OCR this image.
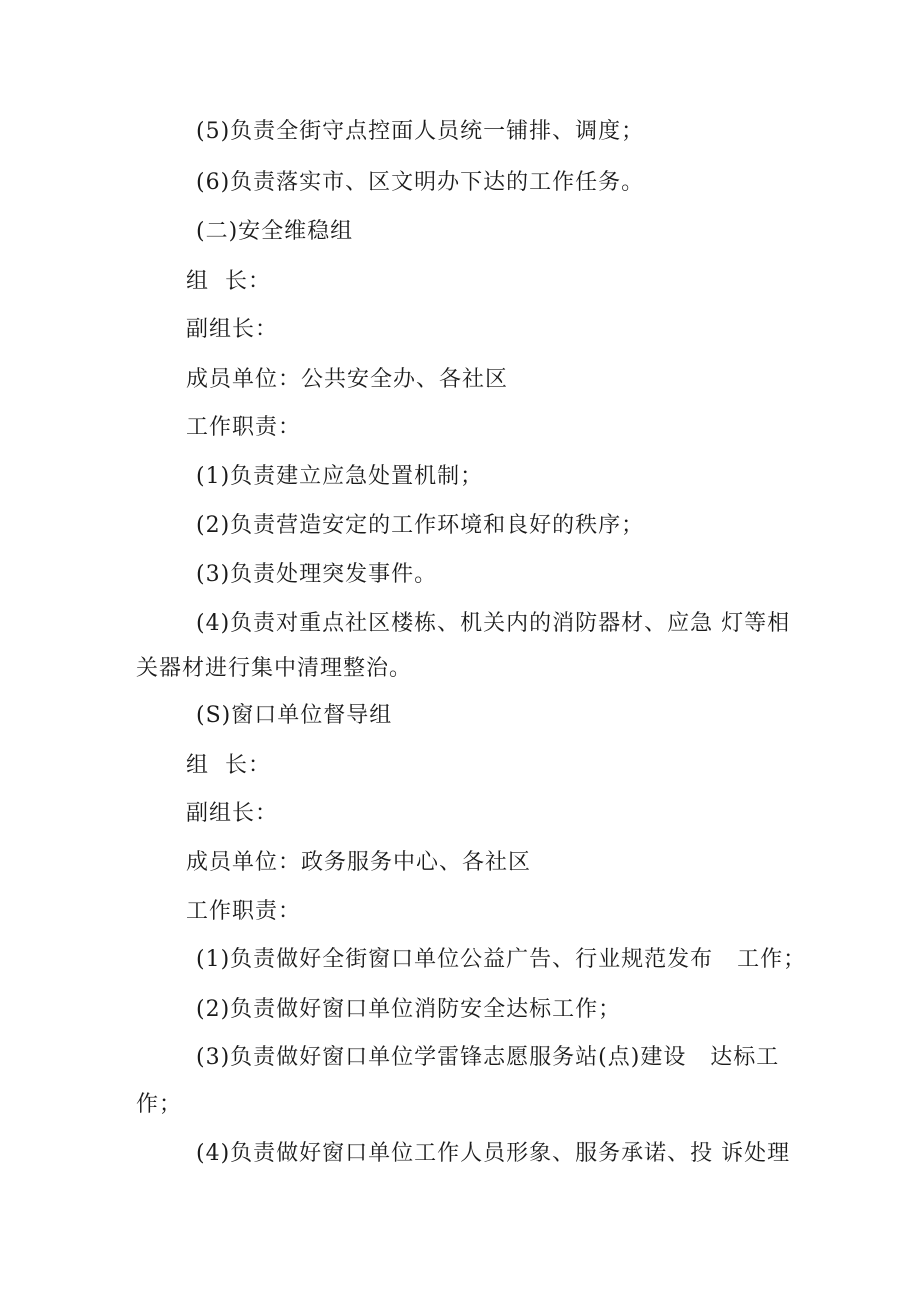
(5)负责全街守点控面人员统一铺排、调度；
(6)负责落实市、区文明办下达的工作任务。
(二)安全维稳组
组  长：
副组长：
成员单位：公共安全办、各社区
工作职责：
(1)负责建立应急处置机制；
(2)负责营造安定的工作环境和良好的秩序；
(3)负责处理突发事件。
(4)负责对重点社区楼栋、机关内的消防器材、应急 灯等相
关器材进行集中清理整治。
(S)窗口单位督导组
组  长：
副组长：
成员单位：政务服务中心、各社区
工作职责：
(1)负责做好全街窗口单位公益广告、行业规范发布   工作；
(2)负责做好窗口单位消防安全达标工作；
(3)负责做好窗口单位学雷锋志愿服务站(点)建设   达标工
作；
(4)负责做好窗口单位工作人员形象、服务承诺、投 诉处理
